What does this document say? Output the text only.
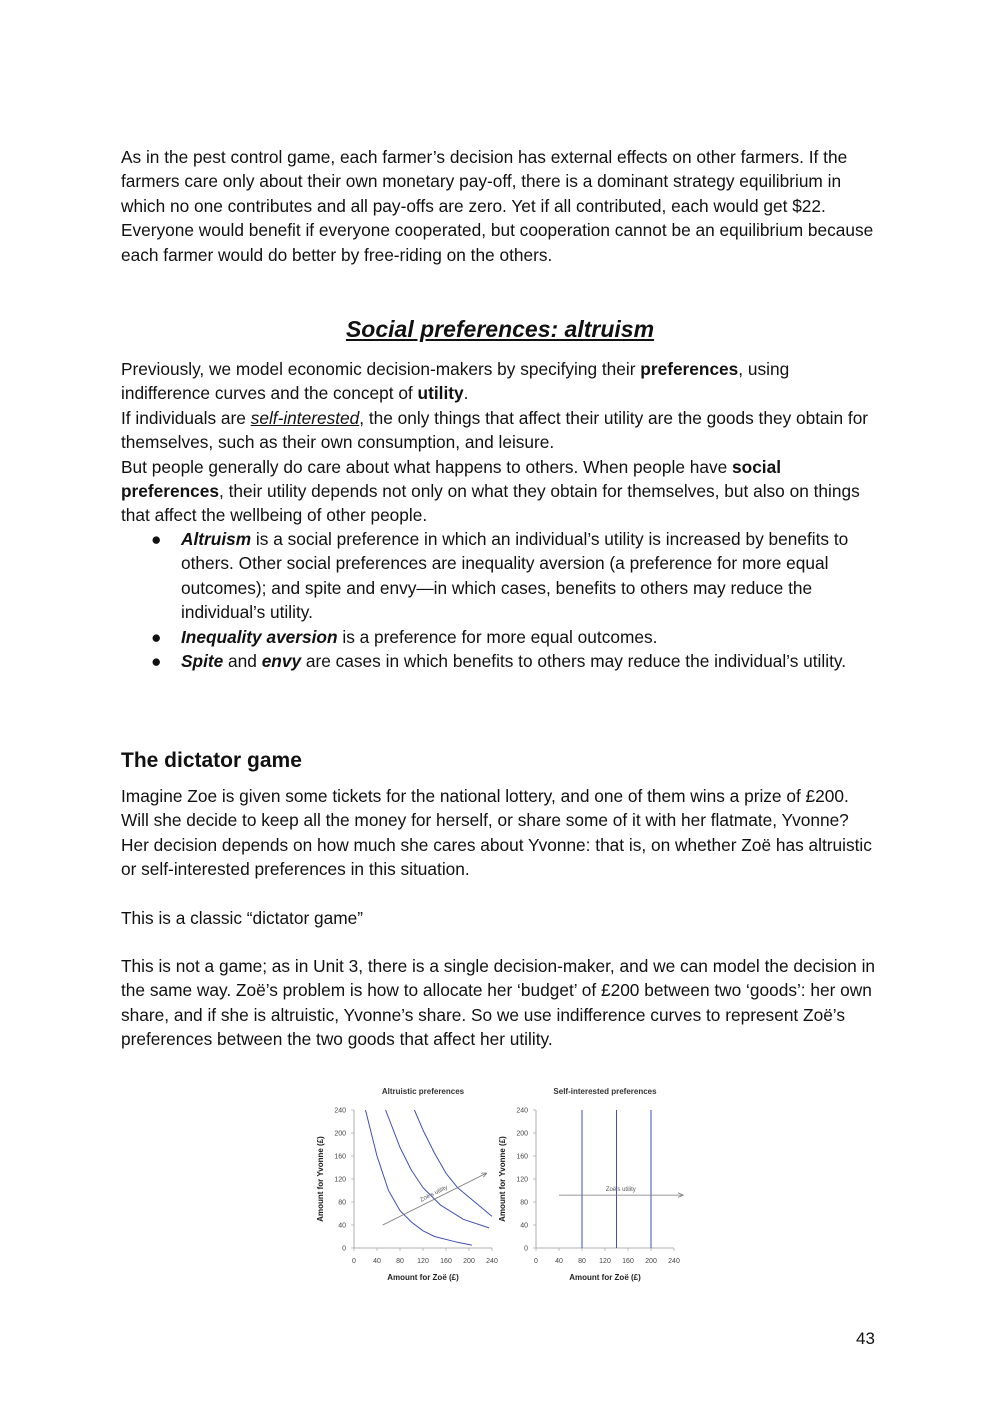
As in the pest control game, each farmer’s decision has external effects on other farmers. If the farmers care only about their own monetary pay-off, there is a dominant strategy equilibrium in which no one contributes and all pay-offs are zero. Yet if all contributed, each would get $22. Everyone would benefit if everyone cooperated, but cooperation cannot be an equilibrium because each farmer would do better by free-riding on the others.

Social preferences: altruism

Previously, we model economic decision-makers by specifying their preferences, using indifference curves and the concept of utility.
If individuals are self-interested, the only things that affect their utility are the goods they obtain for themselves, such as their own consumption, and leisure.
But people generally do care about what happens to others. When people have social preferences, their utility depends not only on what they obtain for themselves, but also on things that affect the wellbeing of other people.

● Altruism is a social preference in which an individual’s utility is increased by benefits to others. Other social preferences are inequality aversion (a preference for more equal outcomes); and spite and envy—in which cases, benefits to others may reduce the individual’s utility.
● Inequality aversion is a preference for more equal outcomes.
● Spite and envy are cases in which benefits to others may reduce the individual’s utility.
The dictator game

Imagine Zoe is given some tickets for the national lottery, and one of them wins a prize of £200. Will she decide to keep all the money for herself, or share some of it with her flatmate, Yvonne? Her decision depends on how much she cares about Yvonne: that is, on whether Zoë has altruistic or self-interested preferences in this situation.

This is a classic “dictator game”

This is not a game; as in Unit 3, there is a single decision-maker, and we can model the decision in the same way. Zoë’s problem is how to allocate her ‘budget’ of £200 between two ‘goods’: her own share, and if she is altruistic, Yvonne’s share. So we use indifference curves to represent Zoë’s preferences between the two goods that affect her utility.

Altruistic preferences
0 40 80 120 160 200 240
0
40
80
120
160
200
240
Amount for Zoë (£)
Amount for Yvonne (£)	Zoë’s utility
Self-interested preferences
0 40 80 120 160 200 240
0
40
80
120
160
200
240
Amount for Zoë (£)
Amount for Yvonne (£)	Zoë’s utility
43
